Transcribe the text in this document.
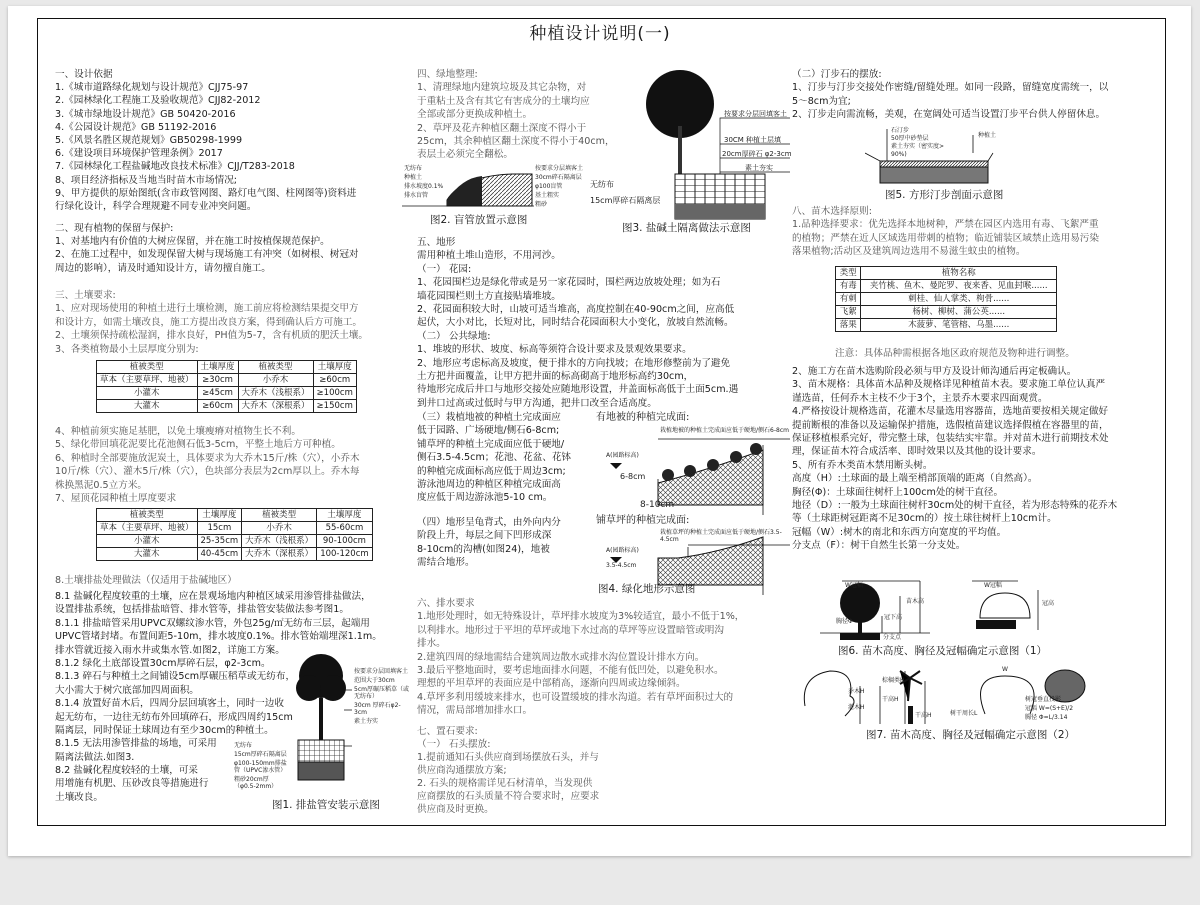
种植设计说明(一)
一、设计依据
1.《城市道路绿化规划与设计规范》CJJ75-97
2.《园林绿化工程施工及验收规范》CJJ82-2012
3.《城市绿地设计规范》GB 50420-2016
4.《公园设计规范》GB 51192-2016
5.《风景名胜区规范规划》GB50298-1999
6.《建设项目环境保护管理条例》2017
7.《园林绿化工程盐碱地改良技术标准》CJJ/T283-2018
8、项目经济指标及当地当时苗木市场情况;
9、甲方提供的原始图纸(含市政管网图、路灯电气图、柱网图等)资料进
行绿化设计，科学合理规避不同专业冲突问题。
二、现有植物的保留与保护:
1、对基地内有价值的大树应保留，并在施工时按植保规范保护。
2、在施工过程中，如发现保留大树与现场施工有冲突（如树根、树冠对
周边的影响），请及时通知设计方，请勿擅自施工。
三、土壤要求:
1、应对现场使用的种植土进行土壤检测，施工前应将检测结果提交甲方
和设计方，如需土壤改良，施工方提出改良方案，得到确认后方可施工。
2、土壤须保持疏松湿润，排水良好，PH值为5-7，含有机质的肥沃土壤。
3、各类植物最小土层厚度分别为:
植被类型	土壤厚度	植被类型	土壤厚度
草本（主要草坪、地被）	≥30cm	小乔木	≥60cm
小灌木	≥45cm	大乔木（浅根系）	≥100cm
大灌木	≥60cm	大乔木（深根系）	≥150cm
4、种植前须实施足基肥，以免土壤瘦瘠对植物生长不利。
5、绿化带回填花泥要比花池侧石低3-5cm，平整土地后方可种植。
6、种植时全部要施放泥炭土，具体要求为大乔木15斤/株（穴），小乔木
10斤/株（穴）、灌木5斤/株（穴），色块部分表层为2cm厚以上。乔木每
株换黑泥0.5立方米。
7、屋顶花园种植土厚度要求
植被类型	土壤厚度	植被类型	土壤厚度
草本（主要草坪、地被）	15cm	小乔木	55-60cm
小灌木	25-35cm	大乔木（浅根系）	90-100cm
大灌木	40-45cm	大乔木（深根系）	100-120cm
8.土壤排盐处理做法（仅适用于盐碱地区）
8.1 盐碱化程度较重的土壤，应在景观场地内种植区域采用渗管排盐做法，
设置排盐系统，包括排盐暗管、排水管等，排盐管安装做法参考图1。
8.1.1 排盐暗管采用UPVC双螺纹渗水管，外包25g/㎡无纺布三层，起端用
UPVC管堵封堵。布置间距5-10m，排水坡度0.1%。排水管始端埋深1.1m。
排水管就近接入雨水井或集水管.如图2，详施工方案。
8.1.2 绿化土底部设置30cm厚碎石层，φ2-3cm。
8.1.3 碎石与种植土之间铺设5cm厚碾压稻草或无纺布，
大小需大于树穴底部加四周面积。
8.1.4 放置好苗木后，四周分层回填客土，同时一边收
起无纺布，一边往无纺布外回填碎石，形成四周约15cm
隔离层，同时保证土球周边有至少30cm的种植土。
8.1.5 无法用渗管排盐的场地，可采用
隔离法做法.如图3.
8.2 盐碱化程度较轻的土壤，可采
用增施有机肥、压砂改良等措施进行
土壤改良。
按要求分层回填客土
范围大于30cm
5cm厚碾压稻草（或无纺布）
30cm 厚碎石φ2-3cm
素土夯实
无纺布
15cm厚碎石隔离层
φ100-150mm排盐管（UPVC渗水管）
粗砂20cm厚（φ0.5-2mm）
图1. 排盐管安装示意图
四、绿地整理:
1、清理绿地内建筑垃圾及其它杂物，对
于重粘土及含有其它有害成分的土壤均应
全部或部分更换成种植土。
2、草坪及花卉种植区翻土深度不得小于
25cm，其余种植区翻土深度不得小于40cm，
表层土必须完全翻松。
无纺布
种植土
排水坡度0.1%
排水盲管
按要求分层填客土
30cm碎石隔离层
φ100盲管
基土粗实
粗砂
图2. 盲管放置示意图
按要求分层回填客土
30CM 种植土层填
20cm厚碎石 φ2-3cm
素土夯实
无纺布
15cm厚碎石隔离层
图3. 盐碱土隔离做法示意图
五、地形
需用种植土堆山造形，不用河沙。
（一） 花园:
1、花园围栏边是绿化带或是另一家花园时，围栏两边放坡处理；如为石
墙花园围栏则土方直接贴墙堆坡。
2、花园面积较大时，山坡可适当堆高，高度控制在40-90cm之间，应高低
起伏，大小对比，长短对比，同时结合花园面积大小变化，放坡自然流畅。
（二） 公共绿地:
1、堆坡的形状、坡度、标高等须符合设计要求及景观效果要求。
2、地形应考虑标高及坡度，便于排水的方向找坡；在地形修整前为了避免
土方把井面覆盖，让甲方把井面的标高砌高于地形标高约30cm，
待地形完成后井口与地形交接处应随地形设置，井盖面标高低于土面5cm.遇
到井口过高或过低时与甲方沟通，把井口改至合适高度。
（三）栽植地被的种植土完成面应
低于园路、广场硬地/侧石6-8cm;
铺草坪的种植土完成面应低于硬地/
侧石3.5-4.5cm；花池、花盆、花钵
的种植完成面标高应低于周边3cm;
游泳池周边的种植区种植完成面高
度应低于周边游泳池5-10 cm。
（四）地形呈龟背式，由外向内分
阶段上升，每层之间下凹形成深
8-10cm的沟槽(如图24)，地被
需结合地形。
有地被的种植完成面:
栽植地被的种植土完成面应低于硬地/侧石6-8cm
A(园路标高)
6-8cm
8-10cm
铺草坪的种植完成面:
栽植草坪的种植土完成面应低于硬地/侧石3.5-4.5cm
A(园路标高)
3.5-4.5cm
图4. 绿化地形示意图
六、排水要求
1.地形处理时，如无特殊设计，草坪排水坡度为3%较适宜，最小不低于1%，
以利排水。地形过于平坦的草坪或地下水过高的草坪等应设置暗管或明沟
排水。
2.建筑四周的绿地需结合建筑周边散水或排水沟位置设计排水方向。
3.最后平整地面时，要考虑地面排水问题，不能有低凹处，以避免积水。
理想的平坦草坪的表面应是中部稍高，逐渐向四周或边缘倾斜。
4.草坪多利用缓坡来排水，也可设置缓坡的排水沟道。若有草坪面积过大的
情况，需局部增加排水口。
七、置石要求:
（一） 石头摆放:
1.提前通知石头供应商到场摆放石头，并与
供应商沟通摆放方案;
2. 石头的规格需详见石材清单，当发现供
应商摆放的石头质量不符合要求时，应要求
供应商及时更换。
（二）汀步石的摆放:
1、汀步与汀步交接处作密缝/留缝处理。如同一段路，留缝宽度需统一，以
5～8cm为宜;
2、汀步走向需流畅，美观，在宽阔处可适当设置汀步平台供人停留休息。
石汀步
50厚中砂垫层
素土夯实（密实度>
90%)
种植土
图5. 方形汀步剖面示意图
八、苗木选择原则:
1.品种选择要求：优先选择本地树种，严禁在园区内选用有毒、飞絮严重
的植物；严禁在近人区域选用带刺的植物；临近铺装区域禁止选用易污染
落果植物;活动区及建筑周边选用不易滋生蚊虫的植物。
类型	植物名称
有毒	夹竹桃、鱼木、曼陀罗、夜来香、见血封喉......
有刺	刺桂、仙人掌类、枸骨......
飞絮	杨树、柳树、蒲公英......
落果	木菠萝、笔管榕、乌墨......
注意：具体品种需根据各地区政府规范及物种进行调整。
2、施工方在苗木选购阶段必须与甲方及设计师沟通后再定板确认。
3、苗木规格：具体苗木品种及规格详见种植苗木表。要求施工单位认真严
谨选苗，任何乔木主枝不少于3个，主景乔木要求四面观赏。
4.严格按设计规格选苗，花灌木尽量选用容器苗，选地苗要按相关规定做好
提前断根的准备以及运输保护措施，选假植苗建议选择假植在容器里的苗，
保证移植根系完好，带完整土球，包装结实牢靠。并对苗木进行前期技术处
理，保证苗木符合成活率、即时效果以及其他的设计要求。
5、所有乔木类苗木禁用断头树。
高度（H）:土球面的最上端至梢部顶端的距离（自然高）。
胸径(Φ)：土球面往树杆上100cm处的树干直径。
地径（D）:一般为土球面往树杆30cm处的树干直径，若为形态特殊的花乔木
等（土球距树冠距离不足30cm的）按土球往树杆上10cm计。
冠幅（W）:树木的南北和东西方向宽度的平均值。
分支点（F）：树干自然生长第一分支处。
W冠幅
胸径Φ
分支点
冠下高
苗木高
W冠幅
冠高
图6. 苗木高度、胸径及冠幅确定示意图（1）
乔木H
灌木H
棕榈类H
干高H
干高H	树干周长L
W
树冠垂直投影
冠幅 W=(S+E)/2
胸径 Φ=L/3.14
图7. 苗木高度、胸径及冠幅确定示意图（2）
